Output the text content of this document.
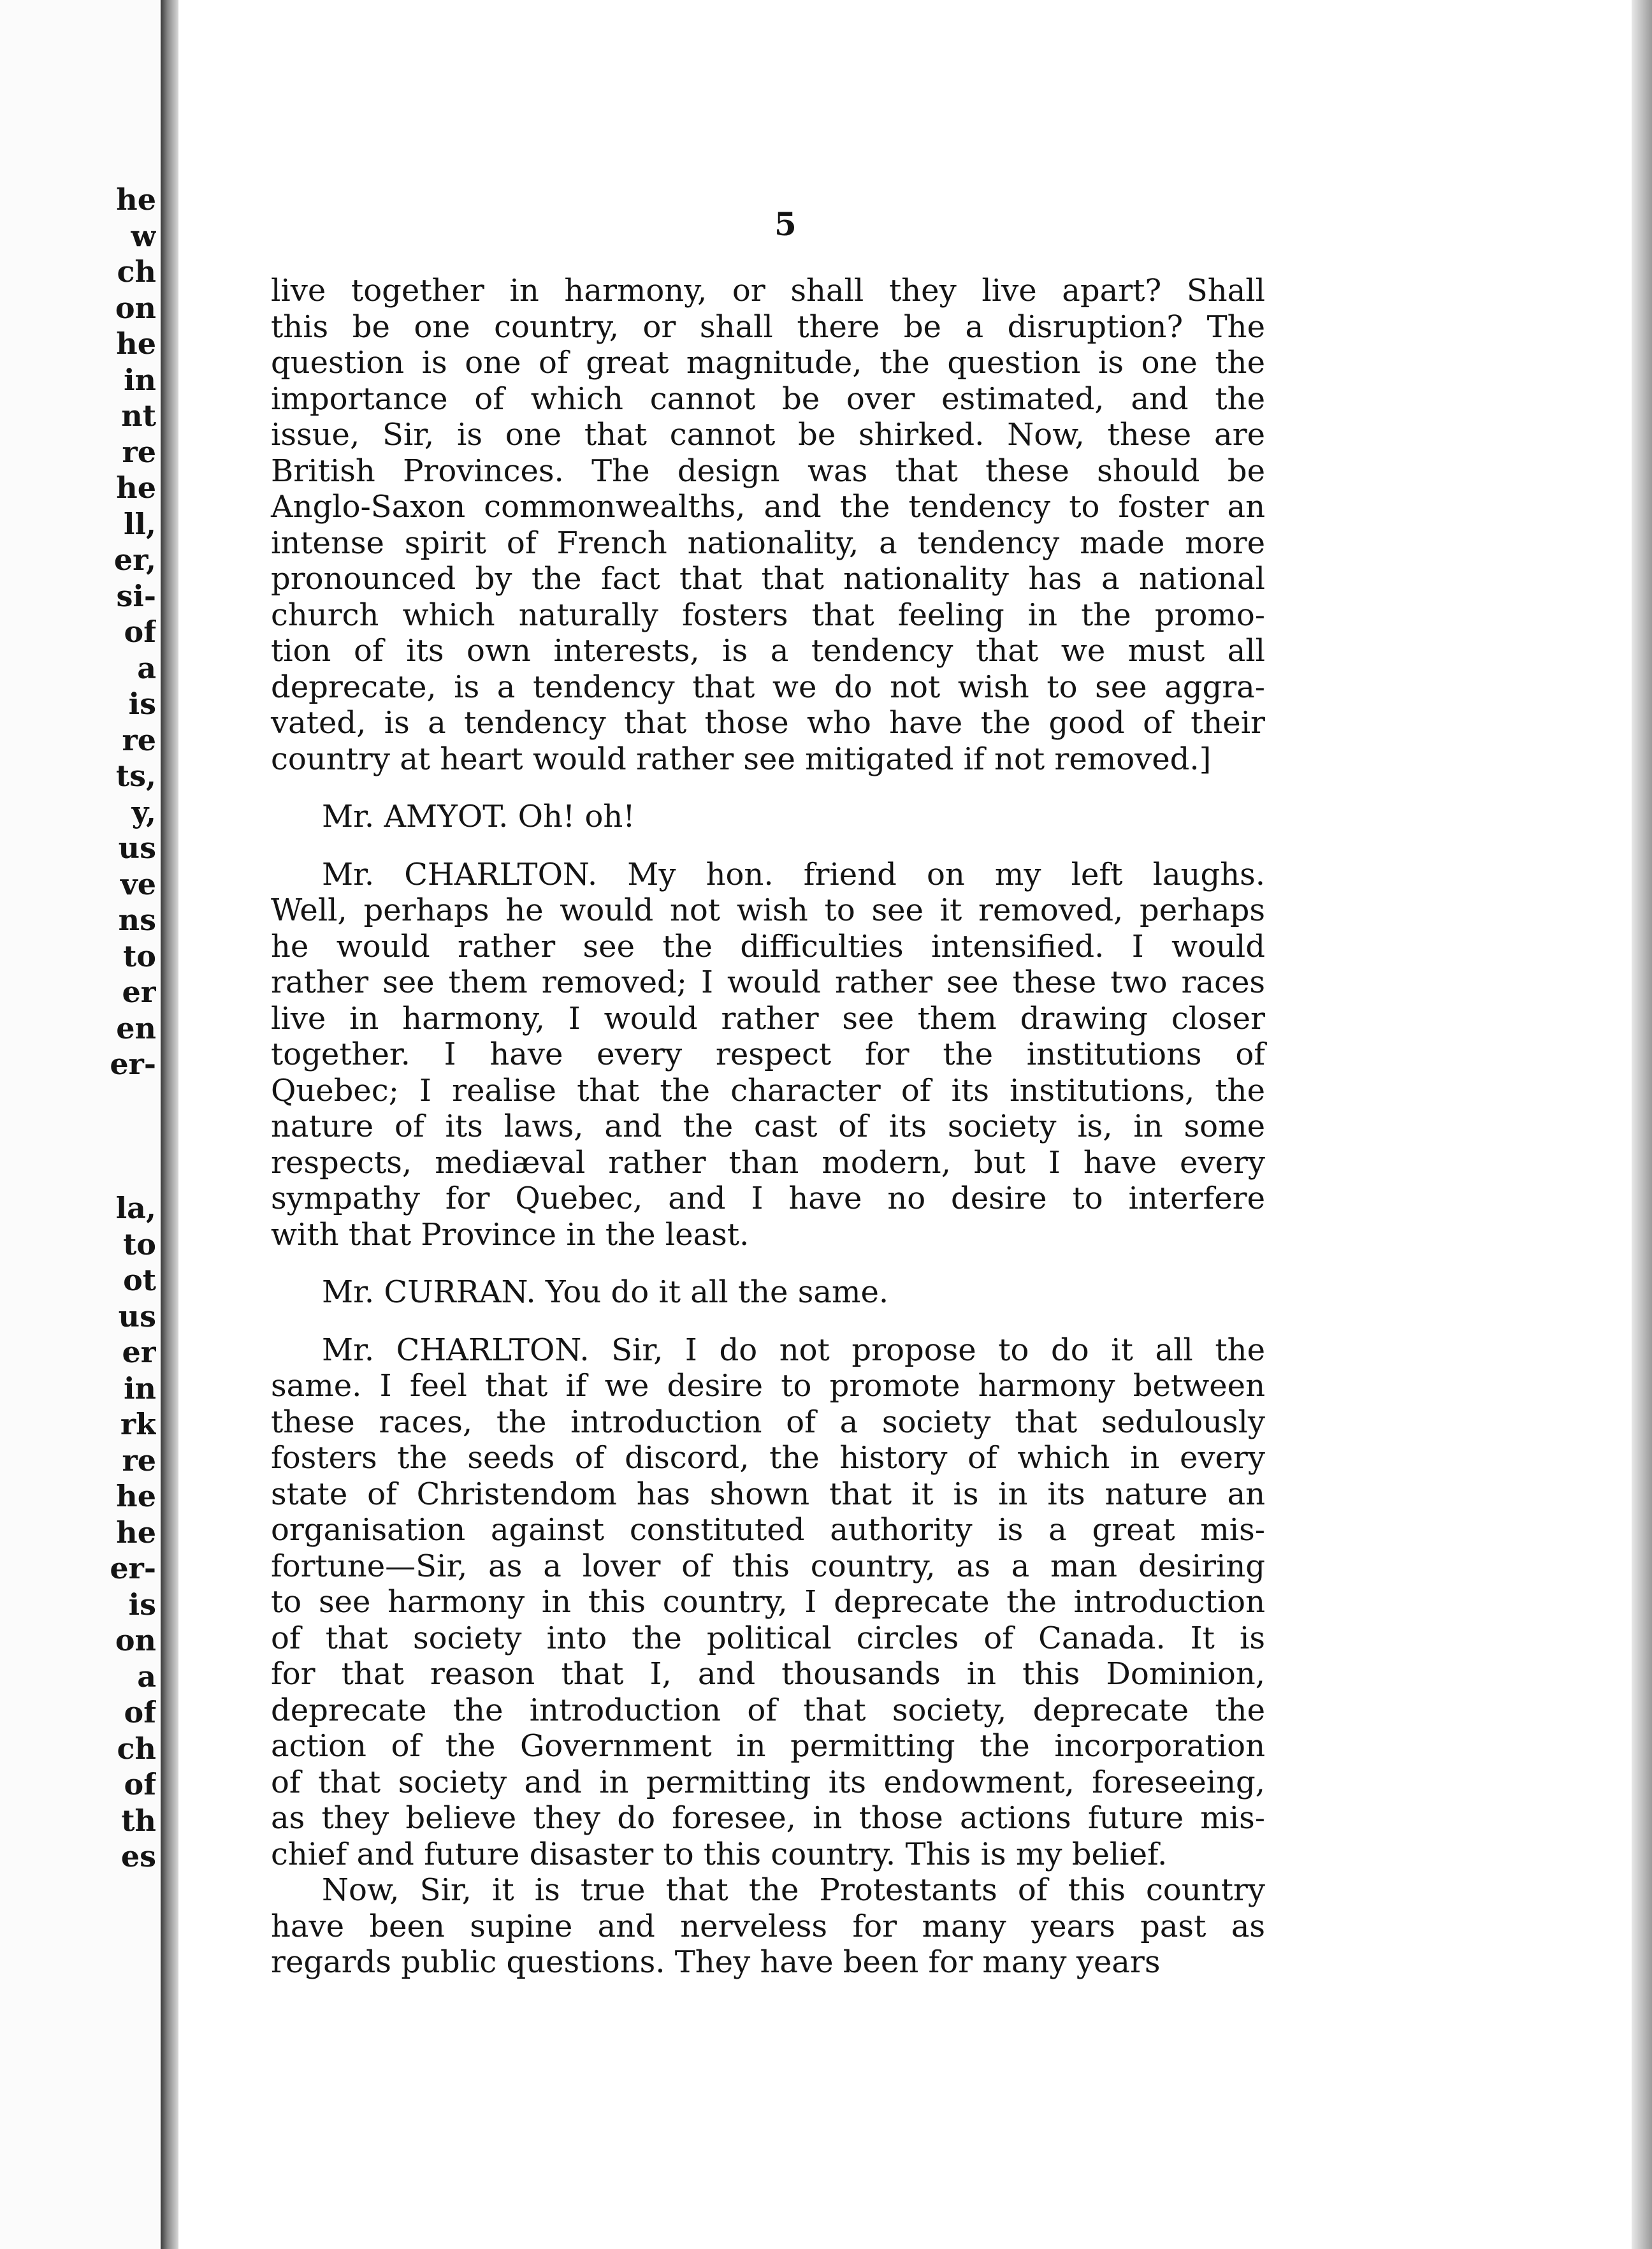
he
w
ch
on
he
in
nt
re
he
ll,
er,
si-
of
a
is
re
ts,
y,
us
ve
ns
to
er
en
er-
la,
to
ot
us
er
in
rk
re
he
he
er-
is
on
a
of
ch
of
th
es
5

live together in harmony, or shall they live apart? Shall
this be one country, or shall there be a disruption? The
question is one of great magnitude, the question is one the
importance of which cannot be over estimated, and the
issue, Sir, is one that cannot be shirked. Now, these are
British Provinces. The design was that these should be
Anglo-Saxon commonwealths, and the tendency to foster an
intense spirit of French nationality, a tendency made more
pronounced by the fact that that nationality has a national
church which naturally fosters that feeling in the promo-
tion of its own interests, is a tendency that we must all
deprecate, is a tendency that we do not wish to see aggra-
vated, is a tendency that those who have the good of their
country at heart would rather see mitigated if not removed.]

Mr. AMYOT. Oh! oh!

Mr. CHARLTON. My hon. friend on my left laughs.
Well, perhaps he would not wish to see it removed, perhaps
he would rather see the difficulties intensified. I would
rather see them removed; I would rather see these two races
live in harmony, I would rather see them drawing closer
together. I have every respect for the institutions of
Quebec; I realise that the character of its institutions, the
nature of its laws, and the cast of its society is, in some
respects, mediæval rather than modern, but I have every
sympathy for Quebec, and I have no desire to interfere
with that Province in the least.

Mr. CURRAN. You do it all the same.

Mr. CHARLTON. Sir, I do not propose to do it all the
same. I feel that if we desire to promote harmony between
these races, the introduction of a society that sedulously
fosters the seeds of discord, the history of which in every
state of Christendom has shown that it is in its nature an
organisation against constituted authority is a great mis-
fortune—Sir, as a lover of this country, as a man desiring
to see harmony in this country, I deprecate the introduction
of that society into the political circles of Canada. It is
for that reason that I, and thousands in this Dominion,
deprecate the introduction of that society, deprecate the
action of the Government in permitting the incorporation
of that society and in permitting its endowment, foreseeing,
as they believe they do foresee, in those actions future mis-
chief and future disaster to this country. This is my belief.

Now, Sir, it is true that the Protestants of this country
have been supine and nerveless for many years past as
regards public questions. They have been for many years
